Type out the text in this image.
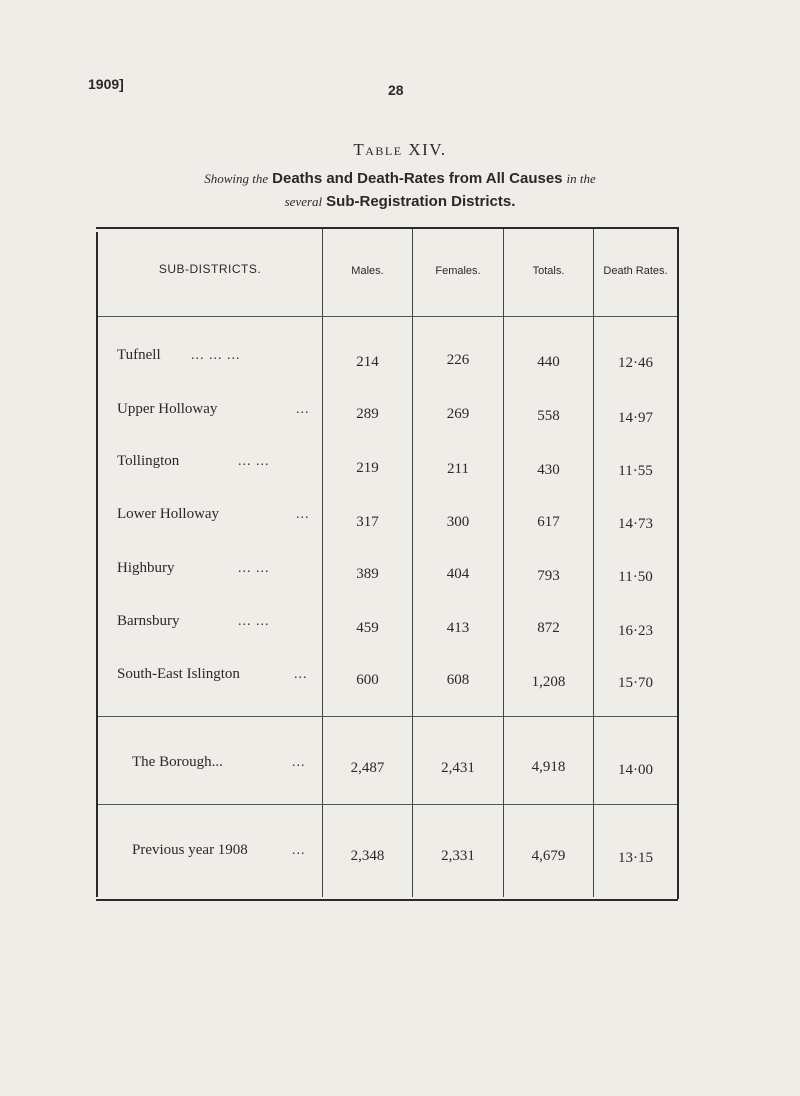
1909]	28
Table XIV.
Showing the Deaths and Death-Rates from All Causes in the
several Sub-Registration Districts.
SUB-DISTRICTS.	Males.	Females.	Totals.	Death Rates.
Tufnell ... ... ...	214	226	440	12·46
Upper Holloway	...	289	269	558	14·97
Tollington	... ...	219	211	430	11·55
Lower Holloway	...	317	300	617	14·73
Highbury	... ...	389	404	793	11·50
Barnsbury	... ...	459	413	872	16·23
South-East Islington	...	600	608	1,208	15·70
The Borough...	...	2,487	2,431	4,918	14·00
Previous year 1908	...	2,348	2,331	4,679	13·15
